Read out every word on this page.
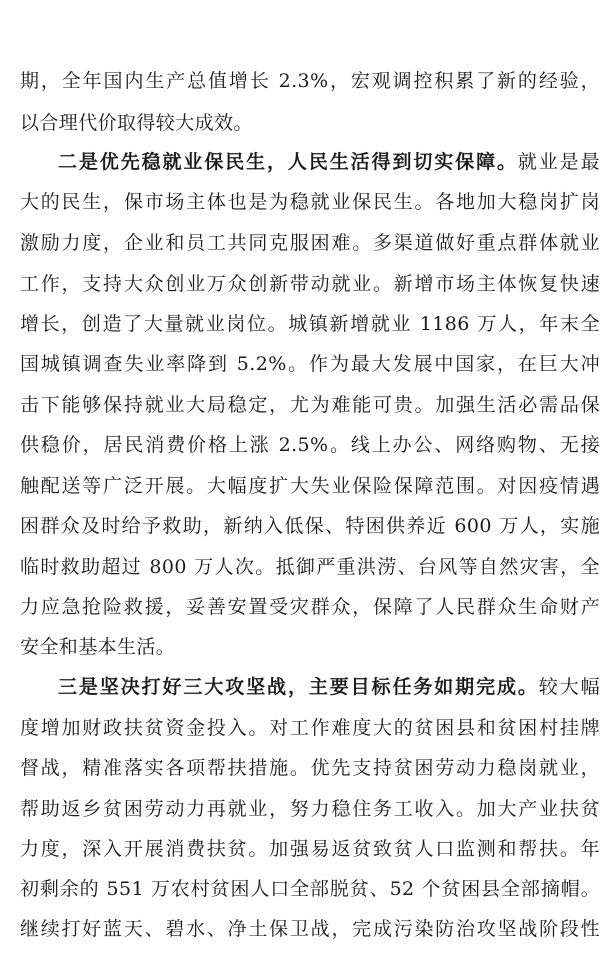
期，全年国内生产总值增长 2.3%，宏观调控积累了新的经验，
以合理代价取得较大成效。
二是优先稳就业保民生，人民生活得到切实保障。就业是最
大的民生，保市场主体也是为稳就业保民生。各地加大稳岗扩岗
激励力度，企业和员工共同克服困难。多渠道做好重点群体就业
工作，支持大众创业万众创新带动就业。新增市场主体恢复快速
增长，创造了大量就业岗位。城镇新增就业 1186 万人，年末全
国城镇调查失业率降到 5.2%。作为最大发展中国家，在巨大冲
击下能够保持就业大局稳定，尤为难能可贵。加强生活必需品保
供稳价，居民消费价格上涨 2.5%。线上办公、网络购物、无接
触配送等广泛开展。大幅度扩大失业保险保障范围。对因疫情遇
困群众及时给予救助，新纳入低保、特困供养近 600 万人，实施
临时救助超过 800 万人次。抵御严重洪涝、台风等自然灾害，全
力应急抢险救援，妥善安置受灾群众，保障了人民群众生命财产
安全和基本生活。
三是坚决打好三大攻坚战，主要目标任务如期完成。较大幅
度增加财政扶贫资金投入。对工作难度大的贫困县和贫困村挂牌
督战，精准落实各项帮扶措施。优先支持贫困劳动力稳岗就业，
帮助返乡贫困劳动力再就业，努力稳住务工收入。加大产业扶贫
力度，深入开展消费扶贫。加强易返贫致贫人口监测和帮扶。年
初剩余的 551 万农村贫困人口全部脱贫、52 个贫困县全部摘帽。
继续打好蓝天、碧水、净土保卫战，完成污染防治攻坚战阶段性
